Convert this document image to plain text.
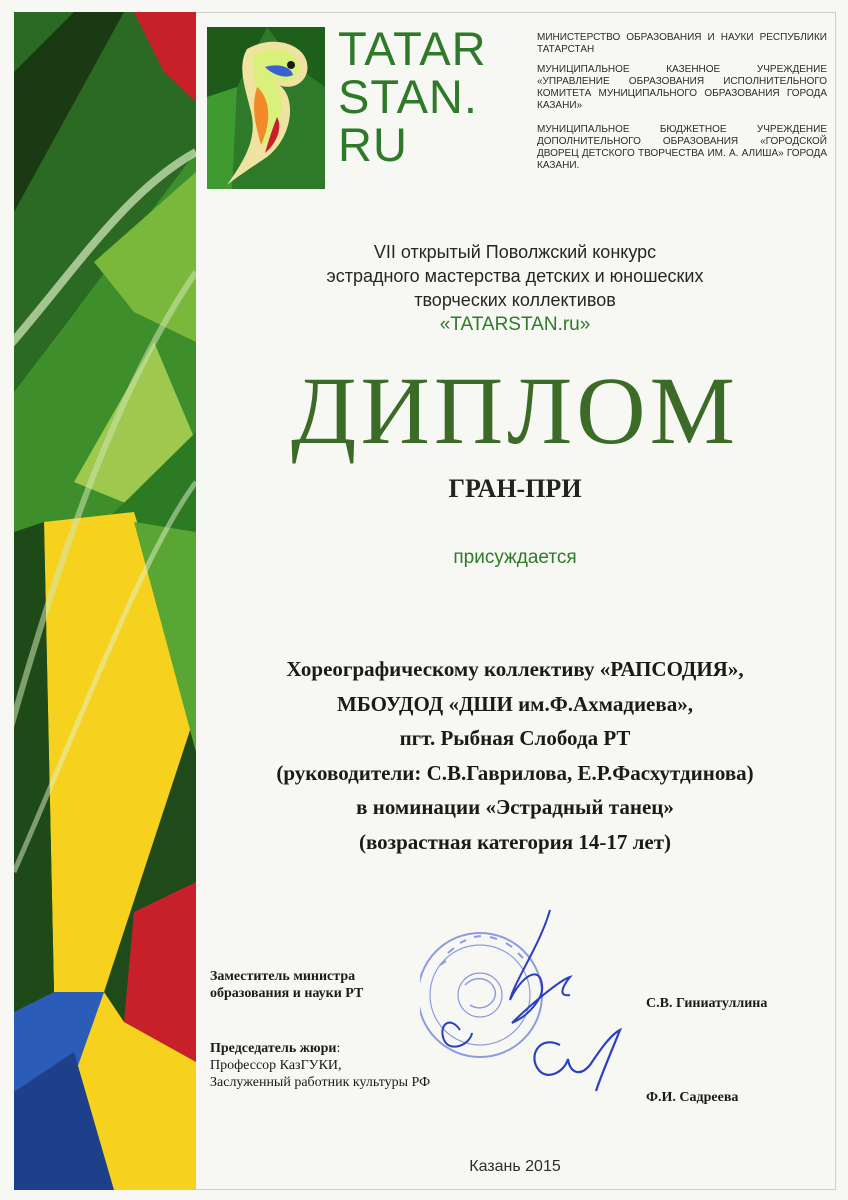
TATAR
STAN.
RU
МИНИСТЕРСТВО ОБРАЗОВАНИЯ И НАУКИ РЕСПУБЛИКИ ТАТАРСТАН
МУНИЦИПАЛЬНОЕ КАЗЕННОЕ УЧРЕЖДЕНИЕ «УПРАВЛЕНИЕ ОБРАЗОВАНИЯ ИСПОЛНИТЕЛЬНОГО КОМИТЕТА МУНИЦИПАЛЬНОГО ОБРАЗОВАНИЯ ГОРОДА КАЗАНИ»
МУНИЦИПАЛЬНОЕ БЮДЖЕТНОЕ УЧРЕЖДЕНИЕ ДОПОЛНИТЕЛЬНОГО ОБРАЗОВАНИЯ «ГОРОДСКОЙ ДВОРЕЦ ДЕТСКОГО ТВОРЧЕСТВА ИМ. А. АЛИША» ГОРОДА КАЗАНИ.
VІІ открытый Поволжский конкурс
эстрадного мастерства детских и юношеских
творческих коллективов
«TATARSTAN.ru»
ДИПЛОМ
ГРАН-ПРИ
присуждается
Хореографическому коллективу «РАПСОДИЯ»,
МБОУДОД «ДШИ им.Ф.Ахмадиева»,
пгт. Рыбная Слобода РТ
(руководители: С.В.Гаврилова, Е.Р.Фасхутдинова)
в номинации «Эстрадный танец»
(возрастная категория 14-17 лет)
Заместитель министра
образования и науки РТ
С.В. Гиниатуллина
Председатель жюри:
Профессор КазГУКИ,
Заслуженный работник культуры РФ
Ф.И. Садреева
Казань 2015
